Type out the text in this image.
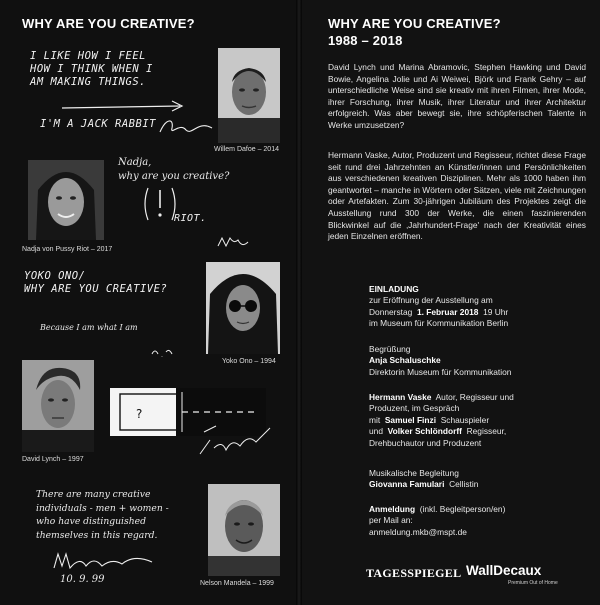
WHY ARE YOU CREATIVE?
I LIKE HOW I FEEL
HOW I THINK WHEN I
AM MAKING THINGS.
I'M A JACK RABBIT
Willem Dafoe – 2014
Nadja,
why are you creative?
RIOT.
Nadja von Pussy Riot – 2017
YOKO ONO/
WHY ARE YOU CREATIVE?
Because I am what I am
Yoko Ono – 1994
David Lynch – 1997
?
There are many creative
individuals - men + women -
who have distinguished
themselves in this regard.
10. 9. 99	Nelson Mandela – 1999
WHY ARE YOU CREATIVE?
1988 – 2018
David Lynch und Marina Abramovic, Stephen Hawking und David Bowie, Angelina Jolie und Ai Weiwei, Björk und Frank Gehry – auf unterschiedliche Weise sind sie kreativ mit ihren Filmen, ihrer Mode, ihrer Forschung, ihrer Musik, ihrer Literatur und ihrer Architektur erfolgreich. Was aber bewegt sie, ihre schöpferischen Talente in Werke umzusetzen?
Hermann Vaske, Autor, Produzent und Regisseur, richtet diese Frage seit rund drei Jahrzehnten an Künstler/innen und Persönlichkeiten aus verschiedenen kreativen Disziplinen. Mehr als 1000 haben ihm geantwortet – manche in Wörtern oder Sätzen, viele mit Zeichnungen oder Artefakten. Zum 30-jährigen Jubiläum des Projektes zeigt die Ausstellung rund 300 der Werke, die einen faszinierenden Blickwinkel auf die ‚Jahrhundert-Frage' nach der Kreativität eines jeden Einzelnen eröffnen.
EINLADUNG
zur Eröffnung der Ausstellung am
Donnerstag 1. Februar 2018 19 Uhr
im Museum für Kommunikation Berlin
Begrüßung
Anja Schaluschke
Direktorin Museum für Kommunikation
Hermann Vaske Autor, Regisseur und
Produzent, im Gespräch
mit Samuel Finzi Schauspieler
und Volker Schlöndorff Regisseur,
Drehbuchautor und Produzent
Musikalische Begleitung
Giovanna Famulari Cellistin
Anmeldung (inkl. Begleitperson/en)
per Mail an:
anmeldung.mkb@mspt.de
TAGESSPIEGEL WallDecaux
Premium Out of Home
